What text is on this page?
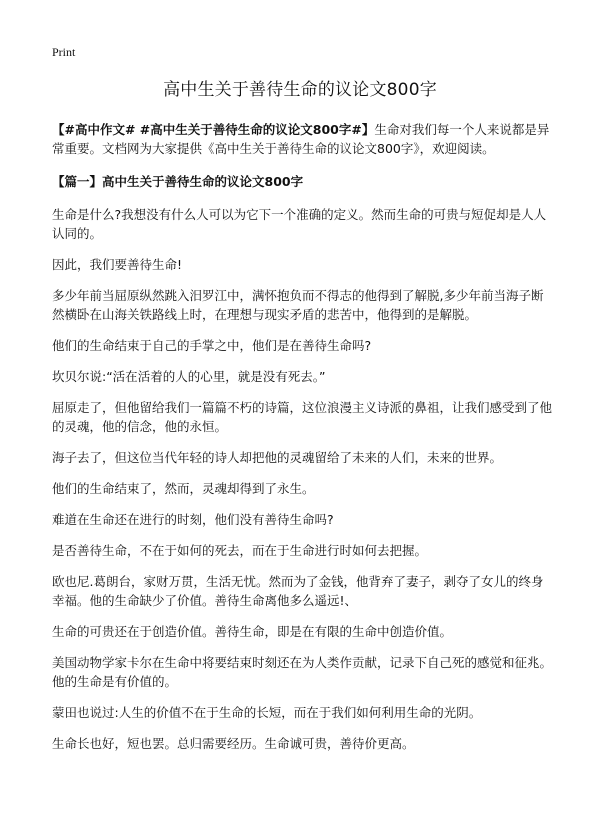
Print
高中生关于善待生命的议论文800字

【#高中作文# #高中生关于善待生命的议论文800字#】生命对我们每一个人来说都是异常重要。文档网为大家提供《高中生关于善待生命的议论文800字》，欢迎阅读。

【篇一】高中生关于善待生命的议论文800字

生命是什么?我想没有什么人可以为它下一个准确的定义。然而生命的可贵与短促却是人人认同的。

因此，我们要善待生命!

多少年前当屈原纵然跳入汨罗江中，满怀抱负而不得志的他得到了解脱,多少年前当海子断然横卧在山海关铁路线上时，在理想与现实矛盾的悲苦中，他得到的是解脱。

他们的生命结束于自己的手掌之中，他们是在善待生命吗?

坎贝尔说:“活在活着的人的心里，就是没有死去。”

屈原走了，但他留给我们一篇篇不朽的诗篇，这位浪漫主义诗派的鼻祖，让我们感受到了他的灵魂，他的信念，他的永恒。

海子去了，但这位当代年轻的诗人却把他的灵魂留给了未来的人们，未来的世界。

他们的生命结束了，然而，灵魂却得到了永生。

难道在生命还在进行的时刻，他们没有善待生命吗?

是否善待生命，不在于如何的死去，而在于生命进行时如何去把握。

欧也尼.葛朗台，家财万贯，生活无忧。然而为了金钱，他背弃了妻子，剥夺了女儿的终身幸福。他的生命缺少了价值。善待生命离他多么遥远!、

生命的可贵还在于创造价值。善待生命，即是在有限的生命中创造价值。

美国动物学家卡尔在生命中将要结束时刻还在为人类作贡献，记录下自己死的感觉和征兆。他的生命是有价值的。

蒙田也说过:人生的价值不在于生命的长短，而在于我们如何利用生命的光阴。

生命长也好，短也罢。总归需要经历。生命诚可贵，善待价更高。
